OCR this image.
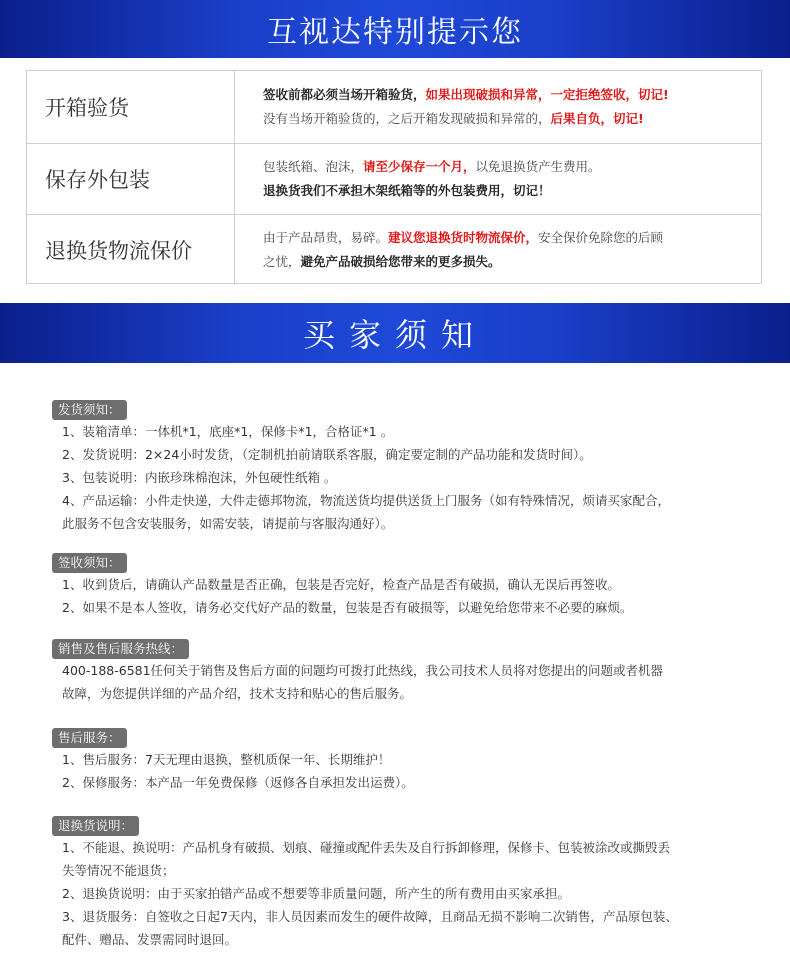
互视达特别提示您
开箱验货
签收前都必须当场开箱验货，如果出现破损和异常，一定拒绝签收，切记!
没有当场开箱验货的，之后开箱发现破损和异常的，后果自负，切记!
保存外包装
包装纸箱、泡沫，请至少保存一个月，以免退换货产生费用。
退换货我们不承担木架纸箱等的外包装费用，切记！
退换货物流保价
由于产品昂贵，易碎。建议您退换货时物流保价，安全保价免除您的后顾
之忧，避免产品破损给您带来的更多损失。
买家须知
发货须知：
1、装箱清单：一体机*1，底座*1，保修卡*1，合格证*1 。
2、发货说明：2×24小时发货，（定制机拍前请联系客服，确定要定制的产品功能和发货时间）。
3、包装说明：内嵌珍珠棉泡沫，外包硬性纸箱 。
4、产品运输：小件走快递，大件走德邦物流，物流送货均提供送货上门服务（如有特殊情况，烦请买家配合，
此服务不包含安装服务，如需安装，请提前与客服沟通好）。
签收须知：
1、收到货后，请确认产品数量是否正确，包装是否完好，检查产品是否有破损，确认无误后再签收。
2、如果不是本人签收，请务必交代好产品的数量，包装是否有破损等，以避免给您带来不必要的麻烦。
销售及售后服务热线：
400-188-6581任何关于销售及售后方面的问题均可拨打此热线，我公司技术人员将对您提出的问题或者机器
故障，为您提供详细的产品介绍，技术支持和贴心的售后服务。
售后服务：
1、售后服务：7天无理由退换，整机质保一年、长期维护！
2、保修服务：本产品一年免费保修（返修各自承担发出运费）。
退换货说明：
1、不能退、换说明：产品机身有破损、划痕、碰撞或配件丢失及自行拆卸修理，保修卡、包装被涂改或撕毁丢
失等情况不能退货；
2、退换货说明：由于买家拍错产品或不想要等非质量问题，所产生的所有费用由买家承担。
3、退货服务：自签收之日起7天内，非人员因素而发生的硬件故障，且商品无损不影响二次销售，产品原包装、
配件、赠品、发票需同时退回。
